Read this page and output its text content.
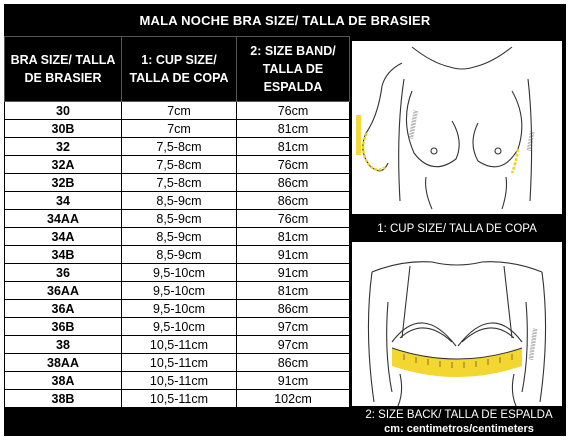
MALA NOCHE BRA SIZE/ TALLA DE BRASIER
BRA SIZE/ TALLA DE BRASIER	1: CUP SIZE/ TALLA DE COPA	2: SIZE BAND/ TALLA DE ESPALDA
30	7cm	76cm
30B	7cm	81cm
32	7,5-8cm	81cm
32A	7,5-8cm	76cm
32B	7,5-8cm	86cm
34	8,5-9cm	86cm
34AA	8,5-9cm	76cm
34A	8,5-9cm	81cm
34B	8,5-9cm	91cm
36	9,5-10cm	91cm
36AA	9,5-10cm	81cm
36A	9,5-10cm	86cm
36B	9,5-10cm	97cm
38	10,5-11cm	97cm
38AA	10,5-11cm	86cm
38A	10,5-11cm	91cm
38B	10,5-11cm	102cm
|||||||||||||||||||
|||||||||||||
1: CUP SIZE/ TALLA DE COPA
|||||||||||||||||||||
2: SIZE BACK/ TALLA DE ESPALDA
cm: centimetros/centimeters
